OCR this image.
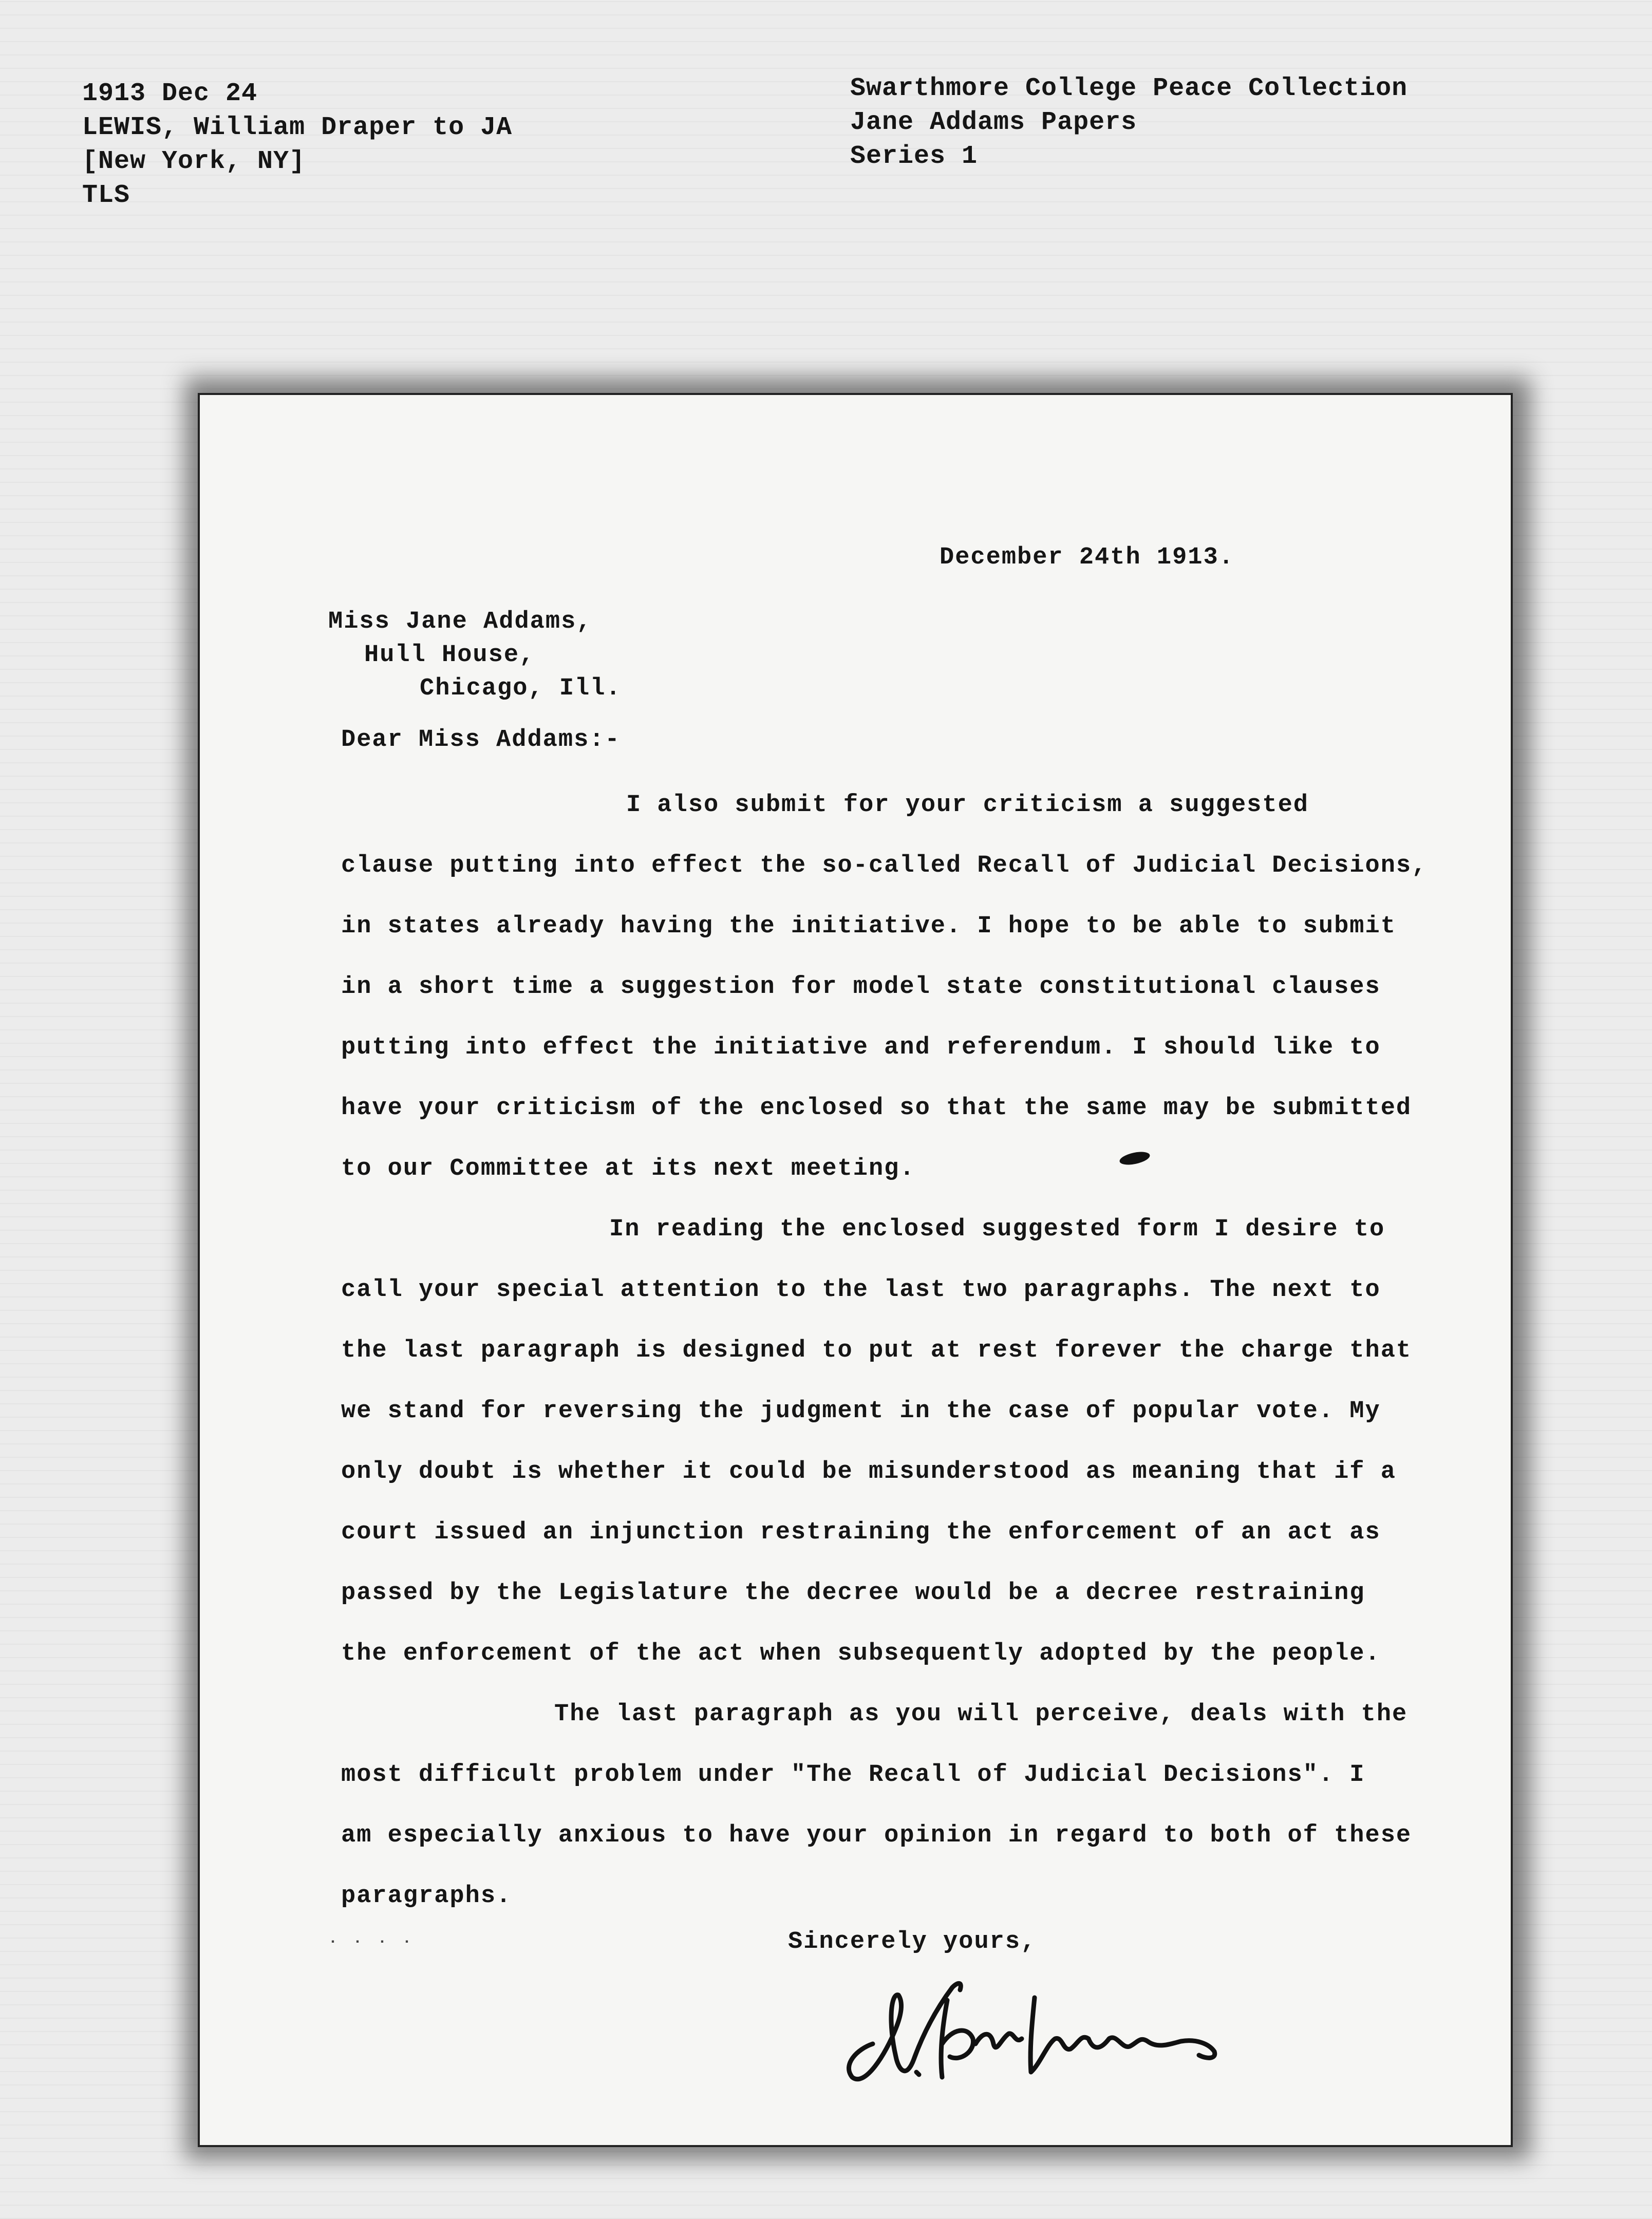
1913 Dec 24
LEWIS, William Draper to JA
[New York, NY]
TLS
Swarthmore College Peace Collection
Jane Addams Papers
Series 1
December 24th 1913.
Miss Jane Addams,
Hull House,
Chicago, Ill.
Dear Miss Addams:-
I also submit for your criticism a suggested
clause putting into effect the so-called Recall of Judicial Decisions,
in states already having the initiative. I hope to be able to submit
in a short time a suggestion for model state constitutional clauses
putting into effect the initiative and referendum. I should like to
have your criticism of the enclosed so that the same may be submitted
to our Committee at its next meeting.
In reading the enclosed suggested form I desire to
call your special attention to the last two paragraphs. The next to
the last paragraph is designed to put at rest forever the charge that
we stand for reversing the judgment in the case of popular vote. My
only doubt is whether it could be misunderstood as meaning that if a
court issued an injunction restraining the enforcement of an act as
passed by the Legislature the decree would be a decree restraining
the enforcement of the act when subsequently adopted by the people.
The last paragraph as you will perceive, deals with the
most difficult problem under "The Recall of Judicial Decisions". I
am especially anxious to have your opinion in regard to both of these
paragraphs.
· · · ·	Sincerely yours,
